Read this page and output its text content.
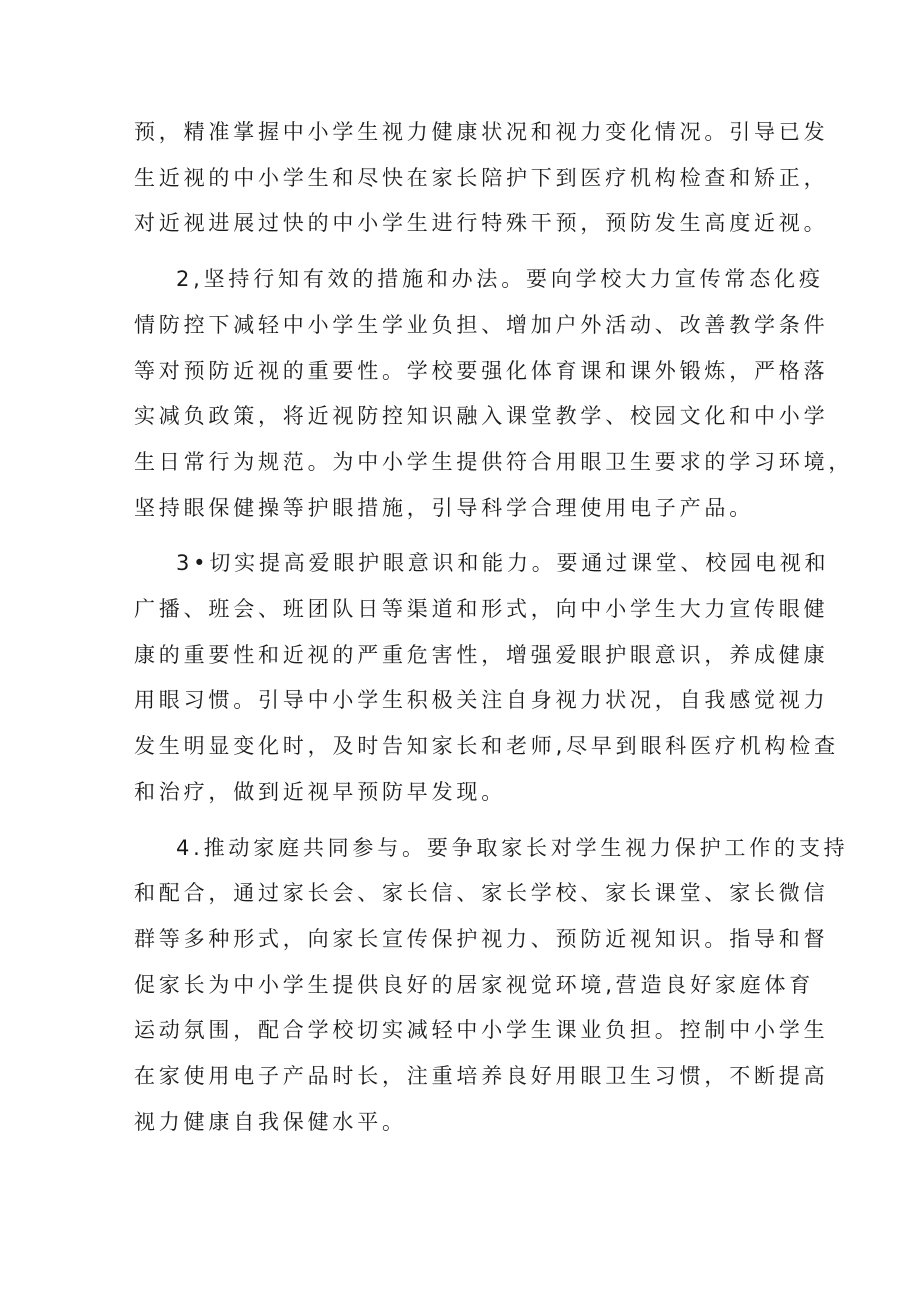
预，精准掌握中小学生视力健康状况和视力变化情况。引导已发
生近视的中小学生和尽快在家长陪护下到医疗机构检查和矫正，
对近视进展过快的中小学生进行特殊干预，预防发生高度近视。

2,坚持行知有效的措施和办法。要向学校大力宣传常态化疫
情防控下减轻中小学生学业负担、增加户外活动、改善教学条件
等对预防近视的重要性。学校要强化体育课和课外锻炼，严格落
实减负政策，将近视防控知识融入课堂教学、校园文化和中小学
生日常行为规范。为中小学生提供符合用眼卫生要求的学习环境，
坚持眼保健操等护眼措施，引导科学合理使用电子产品。

3•切实提高爱眼护眼意识和能力。要通过课堂、校园电视和
广播、班会、班团队日等渠道和形式，向中小学生大力宣传眼健
康的重要性和近视的严重危害性，增强爱眼护眼意识，养成健康
用眼习惯。引导中小学生积极关注自身视力状况，自我感觉视力
发生明显变化时，及时告知家长和老师,尽早到眼科医疗机构检查
和治疗，做到近视早预防早发现。

4.推动家庭共同参与。要争取家长对学生视力保护工作的支持
和配合，通过家长会、家长信、家长学校、家长课堂、家长微信
群等多种形式，向家长宣传保护视力、预防近视知识。指导和督
促家长为中小学生提供良好的居家视觉环境,营造良好家庭体育
运动氛围，配合学校切实减轻中小学生课业负担。控制中小学生
在家使用电子产品时长，注重培养良好用眼卫生习惯，不断提高
视力健康自我保健水平。
